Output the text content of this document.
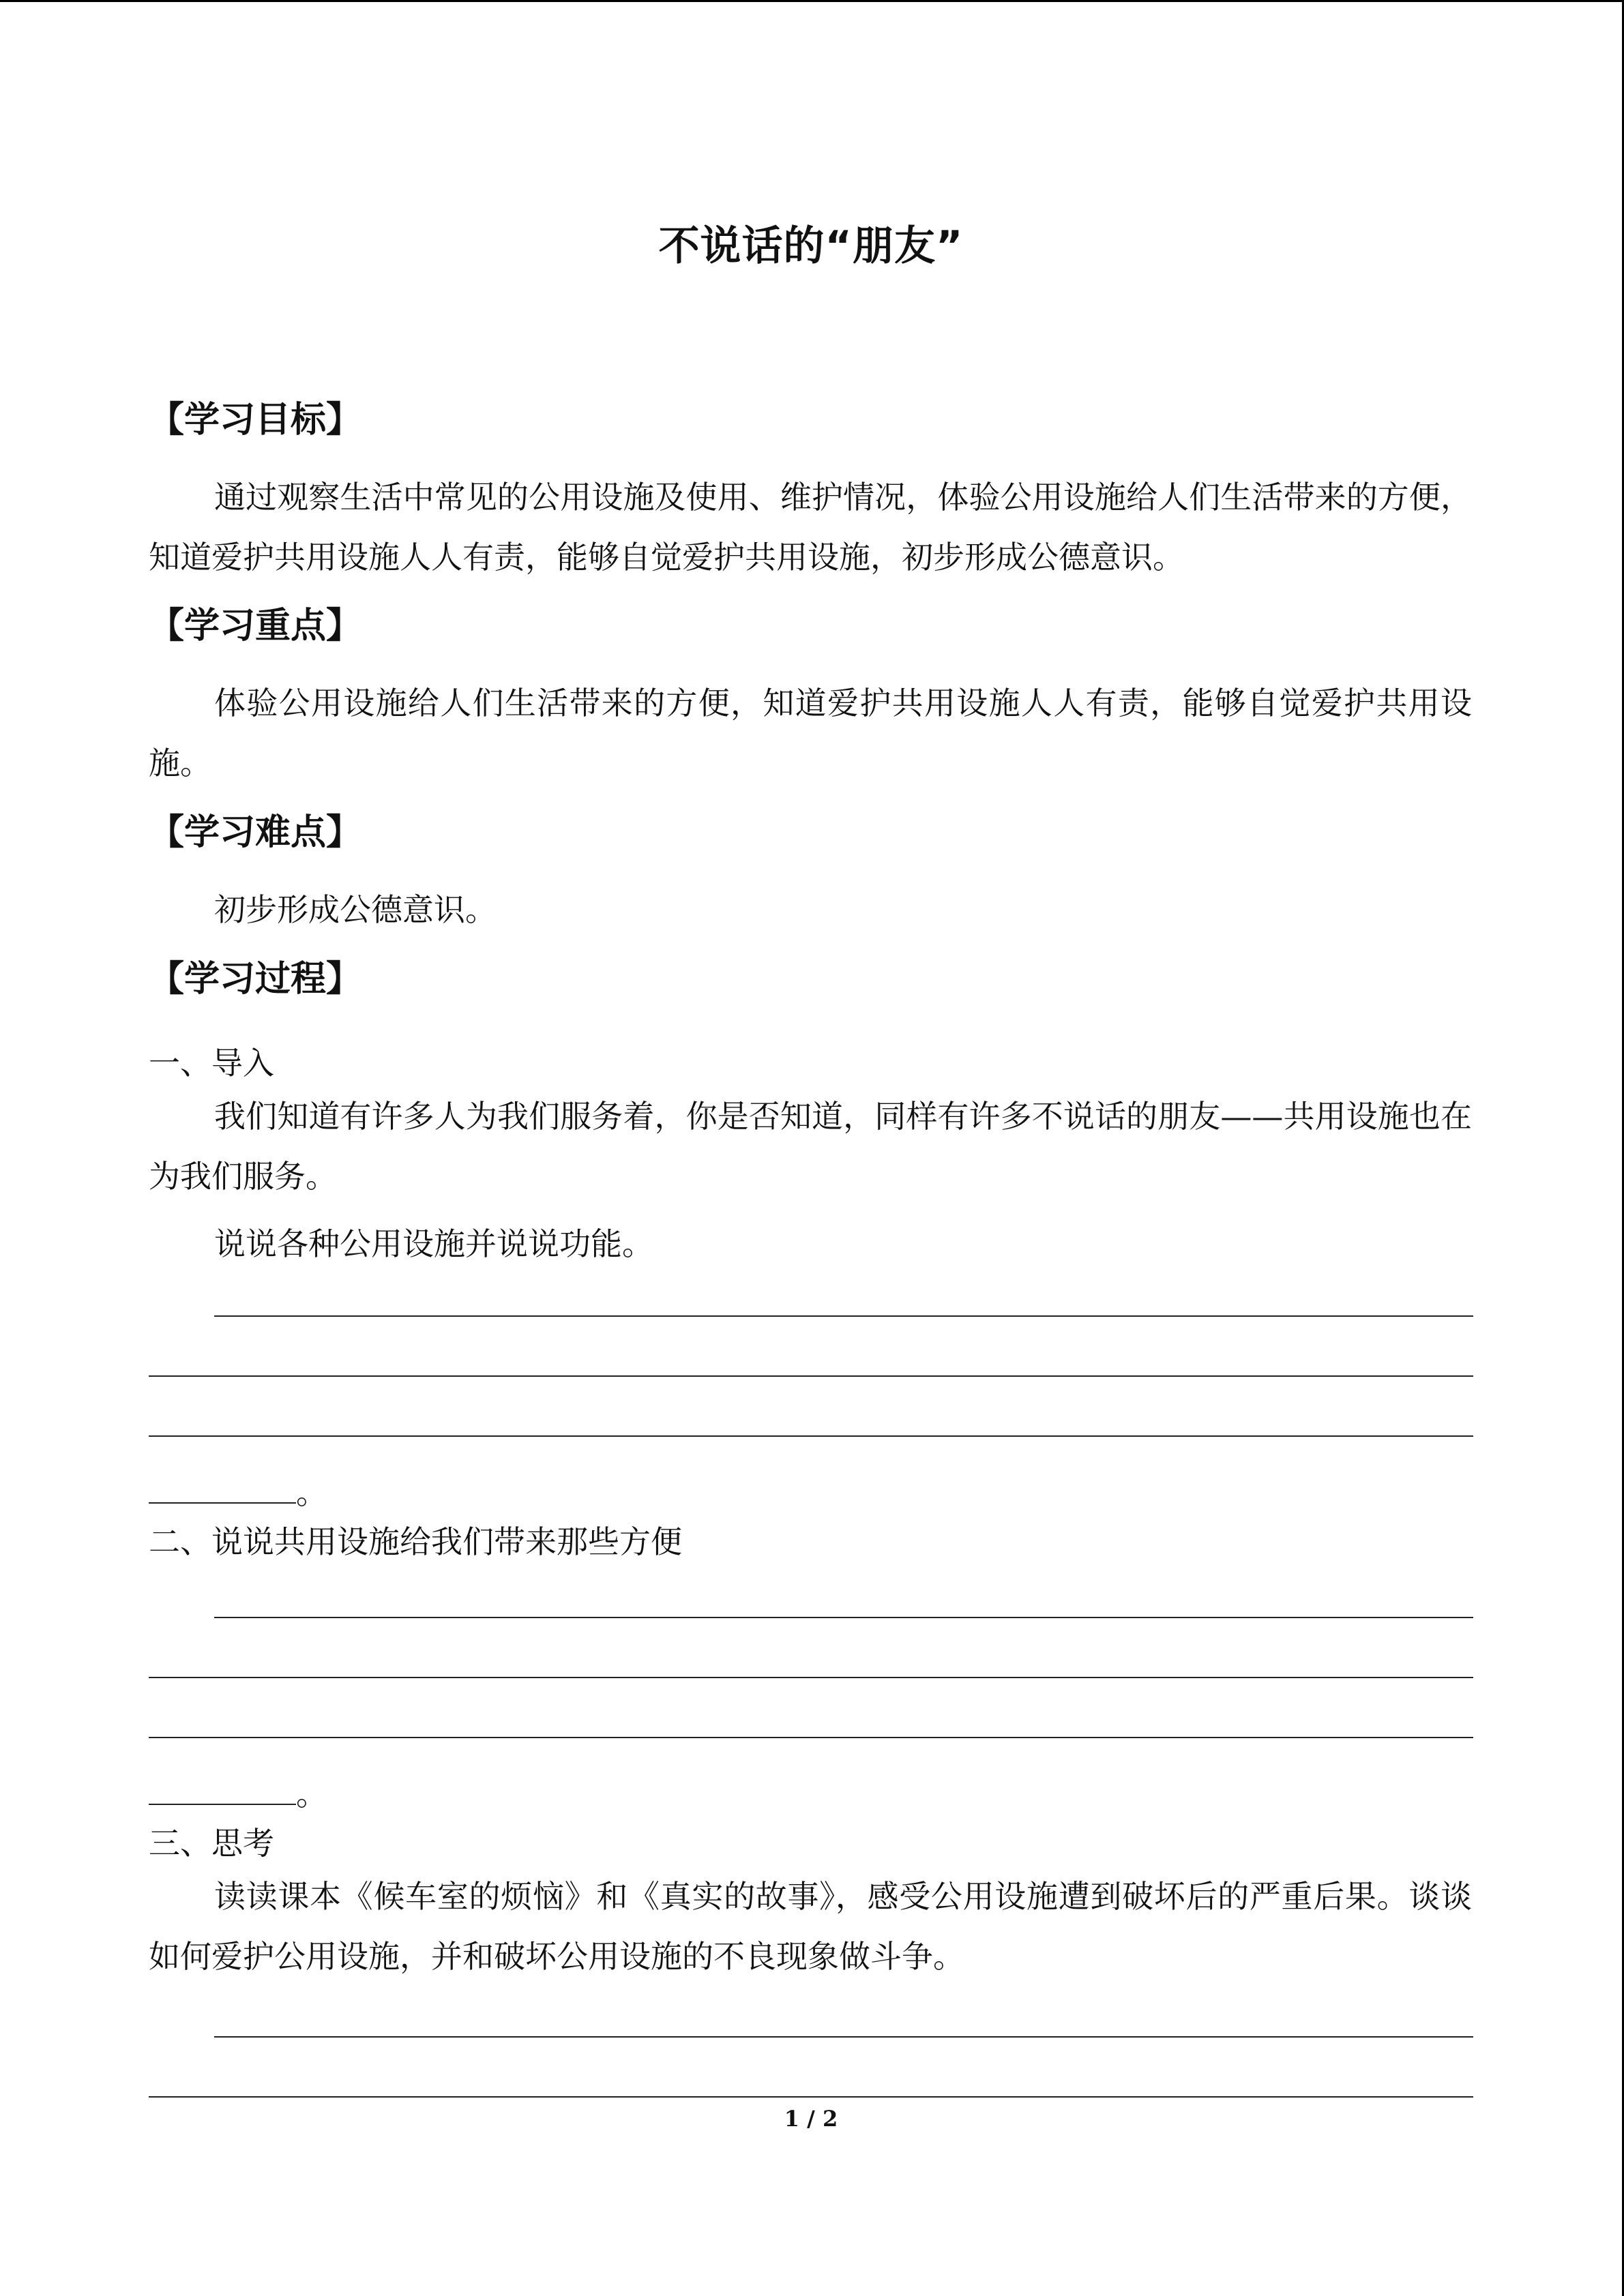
不说话的“朋友”
【学习目标】

通过观察生活中常见的公用设施及使用、维护情况，体验公用设施给人们生活带来的方便，知道爱护共用设施人人有责，能够自觉爱护共用设施，初步形成公德意识。

【学习重点】

体验公用设施给人们生活带来的方便，知道爱护共用设施人人有责，能够自觉爱护共用设施。

【学习难点】

初步形成公德意识。

【学习过程】
一、导入

我们知道有许多人为我们服务着，你是否知道，同样有许多不说话的朋友——共用设施也在为我们服务。

说说各种公用设施并说说功能。
。
二、说说共用设施给我们带来那些方便
。
三、思考

读读课本《候车室的烦恼》和《真实的故事》，感受公用设施遭到破坏后的严重后果。谈谈如何爱护公用设施，并和破坏公用设施的不良现象做斗争。

1 / 2
